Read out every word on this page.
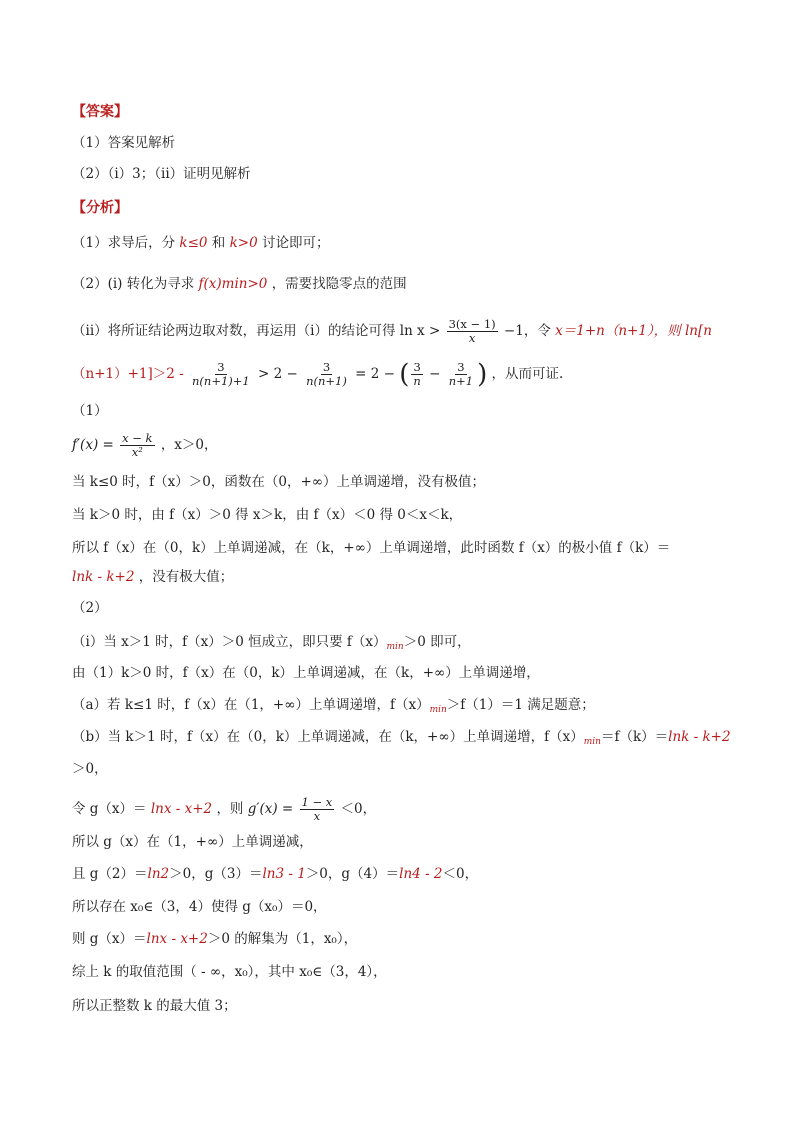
【答案】
（1）答案见解析
（2）（i）3；（ii）证明见解析
【分析】
（1）求导后，分 k≤0 和 k>0 讨论即可；
（2）(i) 转化为寻求 f(x)min>0 ，需要找隐零点的范围
（ii）将所证结论两边取对数，再运用（i）的结论可得 $\ln x > \frac{3(x - 1)}{x} -1$，令 x＝1+n（n+1），则 ln[n
$(n+1)+1]>2 - \frac{3}{n(n+1)+1} > 2 - \frac{3}{n(n+1)} = 2$ − ( $\frac{3}{n} - \frac{3}{n+1}$ ) ，从而可证.
（1）
$f'(x) = \frac{x - k}{\text{x²}}$ ，x＞0，
当 k≤0 时，f（x）＞0，函数在（0，+∞）上单调递增，没有极值；
当 k＞0 时，由 f（x）＞0 得 x＞k，由 f（x）＜0 得 0＜x＜k，
所以 f（x）在（0，k）上单调递减，在（k，+∞）上单调递增，此时函数 f（x）的极小值 f（k）＝
lnk - k+2 ，没有极大值；
（2）
（i）当 x＞1 时，f（x）＞0 恒成立，即只要 $f(x)_{min}>0$ 即可，
由（1）k＞0 时，f（x）在（0，k）上单调递减，在（k，+∞）上单调递增，
（a）若 k≤1 时，f（x）在（1，+∞）上单调递增，$f(x)_{min}>f(1)=1$ 满足题意；
（b）当 k＞1 时，f（x）在（0，k）上单调递减，在（k，+∞）上单调递增，$f(x)_{min}=f(k)=\ln k - k+2$
＞0，
令 g（x）＝ lnx - x+2 ，则 $g'(x) = \frac{1 - x}{x} <0$，
所以 g（x）在（1，+∞）上单调递减，
且 g（2）＝ln2＞0，g（3）＝ln3 - 1＞0，g（4）＝ln4 - 2＜0，
所以存在 x₀∈（3，4）使得 g（x₀）＝0，
则 g（x）＝lnx - x+2＞0 的解集为（1，x₀），
综上 k 的取值范围（ - ∞，x₀），其中 x₀∈（3，4），
所以正整数 k 的最大值 3；
